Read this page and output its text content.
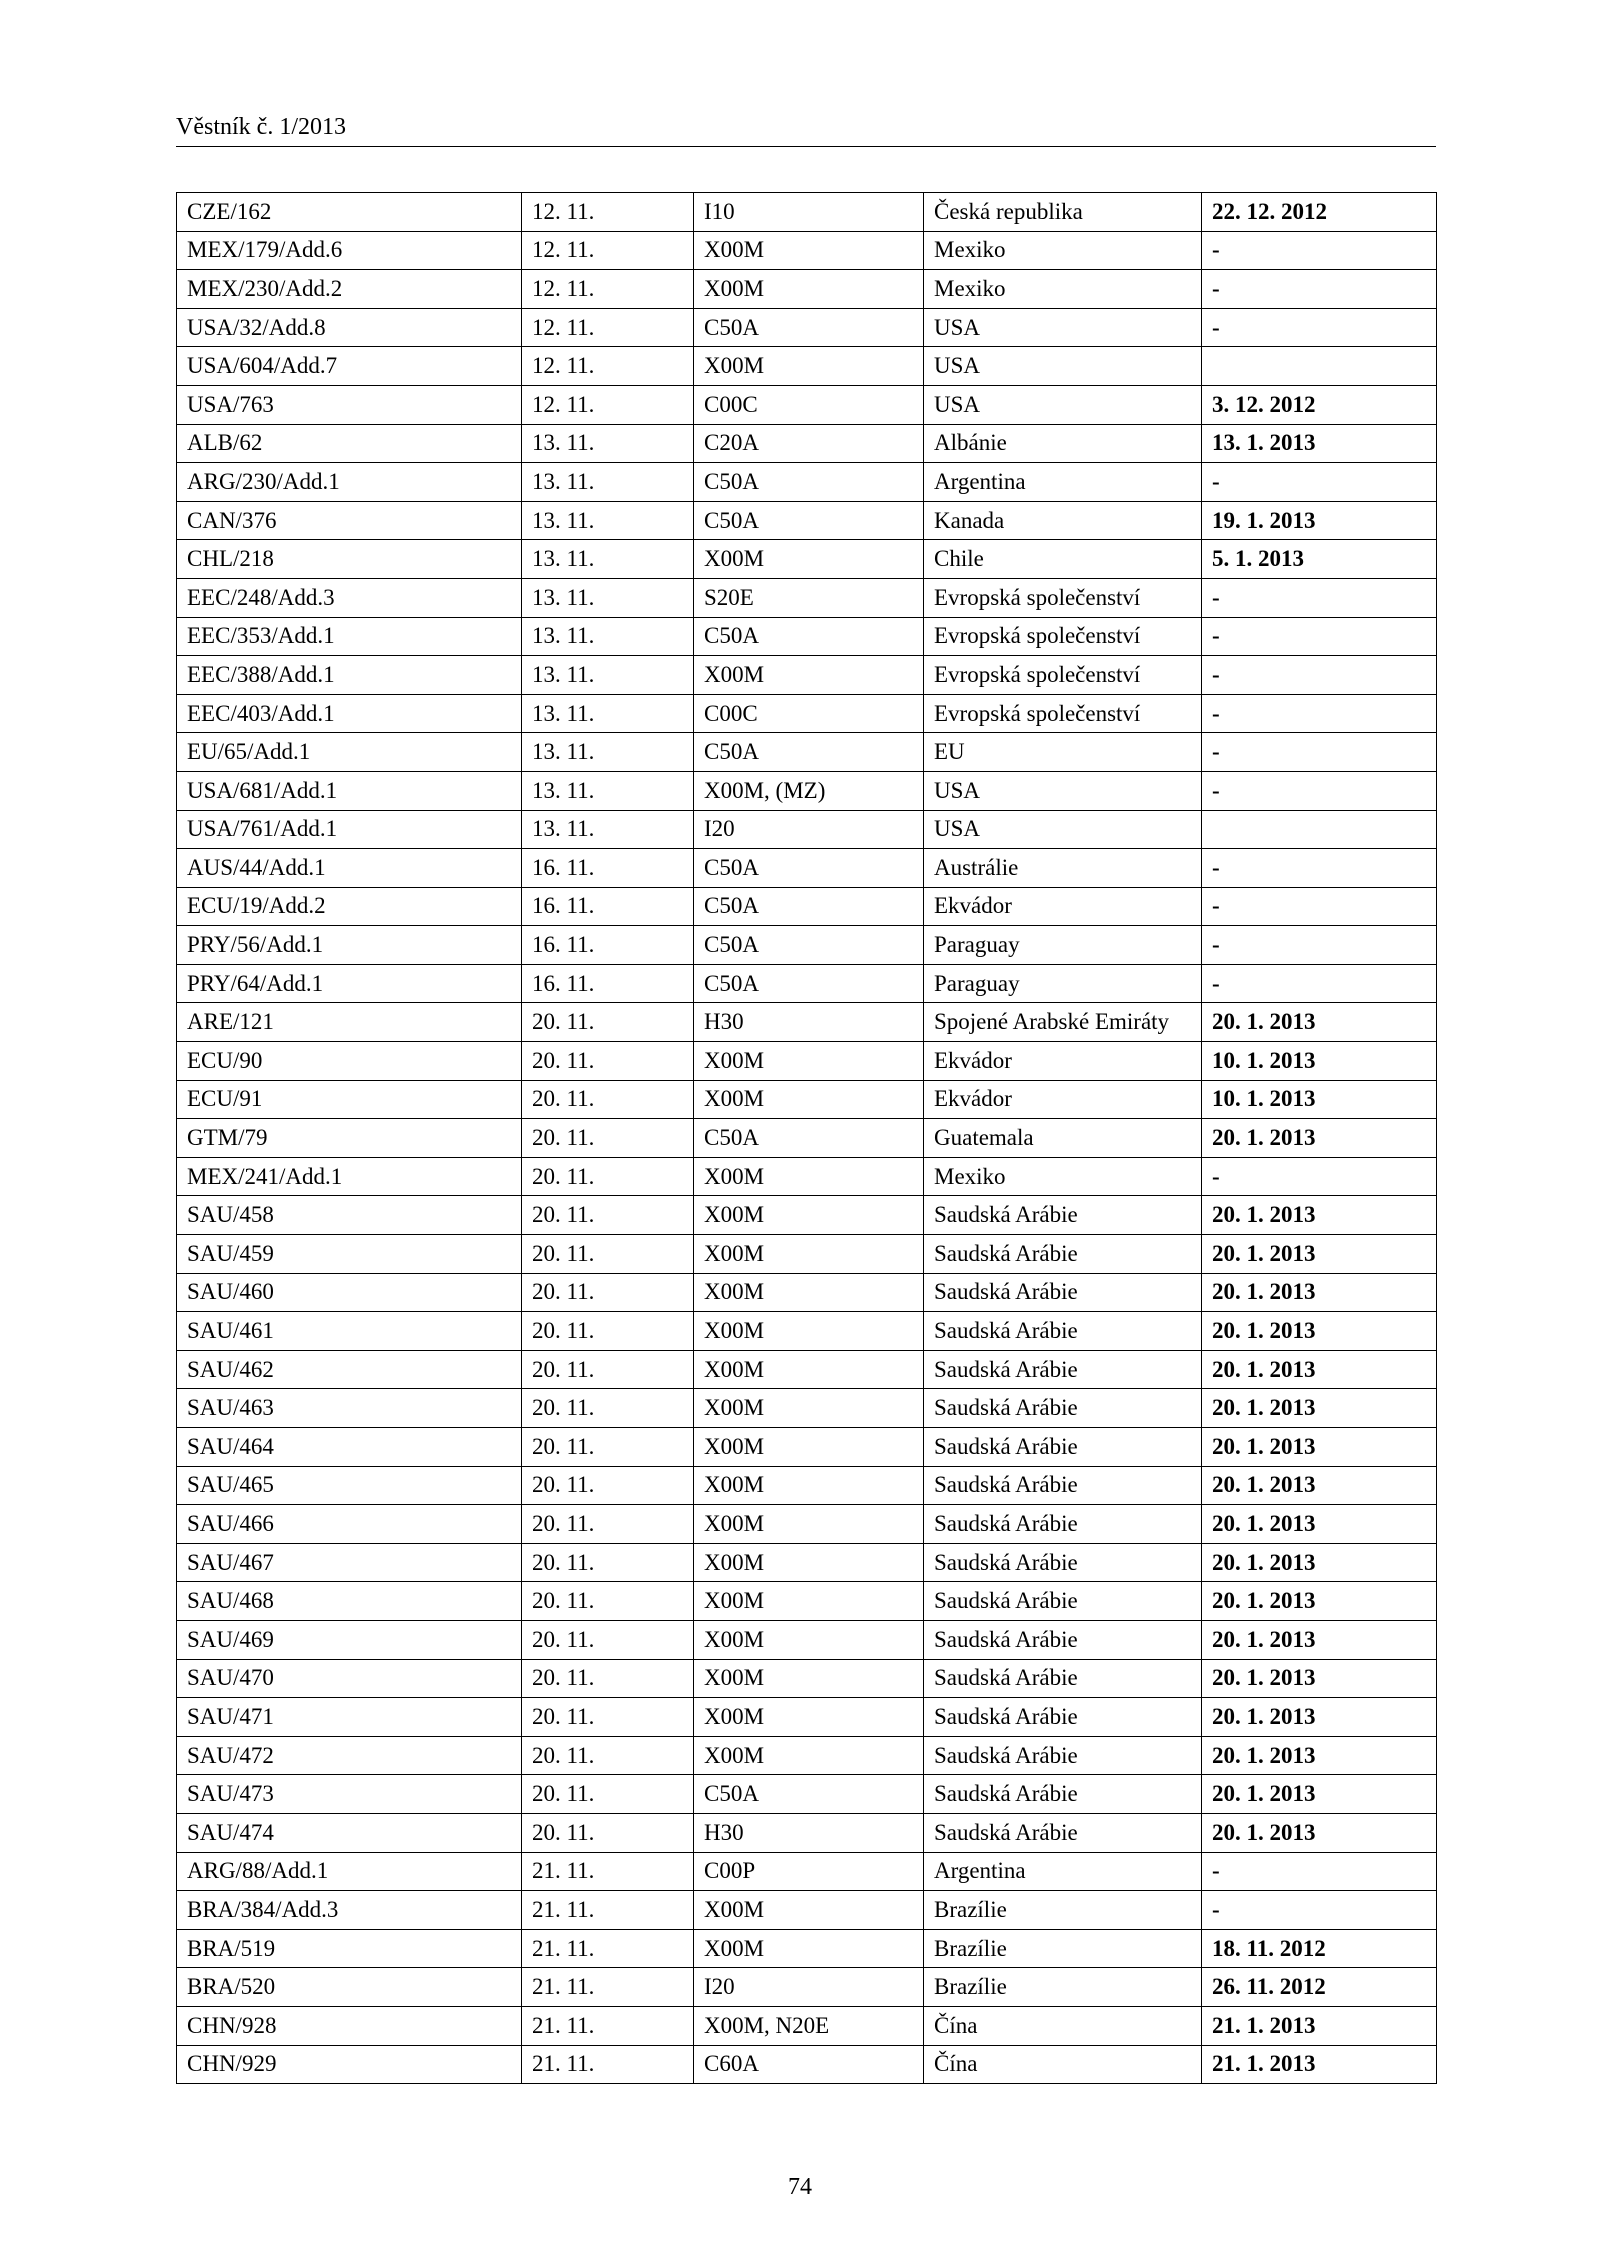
Věstník č. 1/2013
CZE/162	12. 11.	I10	Česká republika	22. 12. 2012
MEX/179/Add.6	12. 11.	X00M	Mexiko	-
MEX/230/Add.2	12. 11.	X00M	Mexiko	-
USA/32/Add.8	12. 11.	C50A	USA	-
USA/604/Add.7	12. 11.	X00M	USA	
USA/763	12. 11.	C00C	USA	3. 12. 2012
ALB/62	13. 11.	C20A	Albánie	13. 1. 2013
ARG/230/Add.1	13. 11.	C50A	Argentina	-
CAN/376	13. 11.	C50A	Kanada	19. 1. 2013
CHL/218	13. 11.	X00M	Chile	5. 1. 2013
EEC/248/Add.3	13. 11.	S20E	Evropská společenství	-
EEC/353/Add.1	13. 11.	C50A	Evropská společenství	-
EEC/388/Add.1	13. 11.	X00M	Evropská společenství	-
EEC/403/Add.1	13. 11.	C00C	Evropská společenství	-
EU/65/Add.1	13. 11.	C50A	EU	-
USA/681/Add.1	13. 11.	X00M, (MZ)	USA	-
USA/761/Add.1	13. 11.	I20	USA	
AUS/44/Add.1	16. 11.	C50A	Austrálie	-
ECU/19/Add.2	16. 11.	C50A	Ekvádor	-
PRY/56/Add.1	16. 11.	C50A	Paraguay	-
PRY/64/Add.1	16. 11.	C50A	Paraguay	-
ARE/121	20. 11.	H30	Spojené Arabské Emiráty	20. 1. 2013
ECU/90	20. 11.	X00M	Ekvádor	10. 1. 2013
ECU/91	20. 11.	X00M	Ekvádor	10. 1. 2013
GTM/79	20. 11.	C50A	Guatemala	20. 1. 2013
MEX/241/Add.1	20. 11.	X00M	Mexiko	-
SAU/458	20. 11.	X00M	Saudská Arábie	20. 1. 2013
SAU/459	20. 11.	X00M	Saudská Arábie	20. 1. 2013
SAU/460	20. 11.	X00M	Saudská Arábie	20. 1. 2013
SAU/461	20. 11.	X00M	Saudská Arábie	20. 1. 2013
SAU/462	20. 11.	X00M	Saudská Arábie	20. 1. 2013
SAU/463	20. 11.	X00M	Saudská Arábie	20. 1. 2013
SAU/464	20. 11.	X00M	Saudská Arábie	20. 1. 2013
SAU/465	20. 11.	X00M	Saudská Arábie	20. 1. 2013
SAU/466	20. 11.	X00M	Saudská Arábie	20. 1. 2013
SAU/467	20. 11.	X00M	Saudská Arábie	20. 1. 2013
SAU/468	20. 11.	X00M	Saudská Arábie	20. 1. 2013
SAU/469	20. 11.	X00M	Saudská Arábie	20. 1. 2013
SAU/470	20. 11.	X00M	Saudská Arábie	20. 1. 2013
SAU/471	20. 11.	X00M	Saudská Arábie	20. 1. 2013
SAU/472	20. 11.	X00M	Saudská Arábie	20. 1. 2013
SAU/473	20. 11.	C50A	Saudská Arábie	20. 1. 2013
SAU/474	20. 11.	H30	Saudská Arábie	20. 1. 2013
ARG/88/Add.1	21. 11.	C00P	Argentina	-
BRA/384/Add.3	21. 11.	X00M	Brazílie	-
BRA/519	21. 11.	X00M	Brazílie	18. 11. 2012
BRA/520	21. 11.	I20	Brazílie	26. 11. 2012
CHN/928	21. 11.	X00M, N20E	Čína	21. 1. 2013
CHN/929	21. 11.	C60A	Čína	21. 1. 2013
74
